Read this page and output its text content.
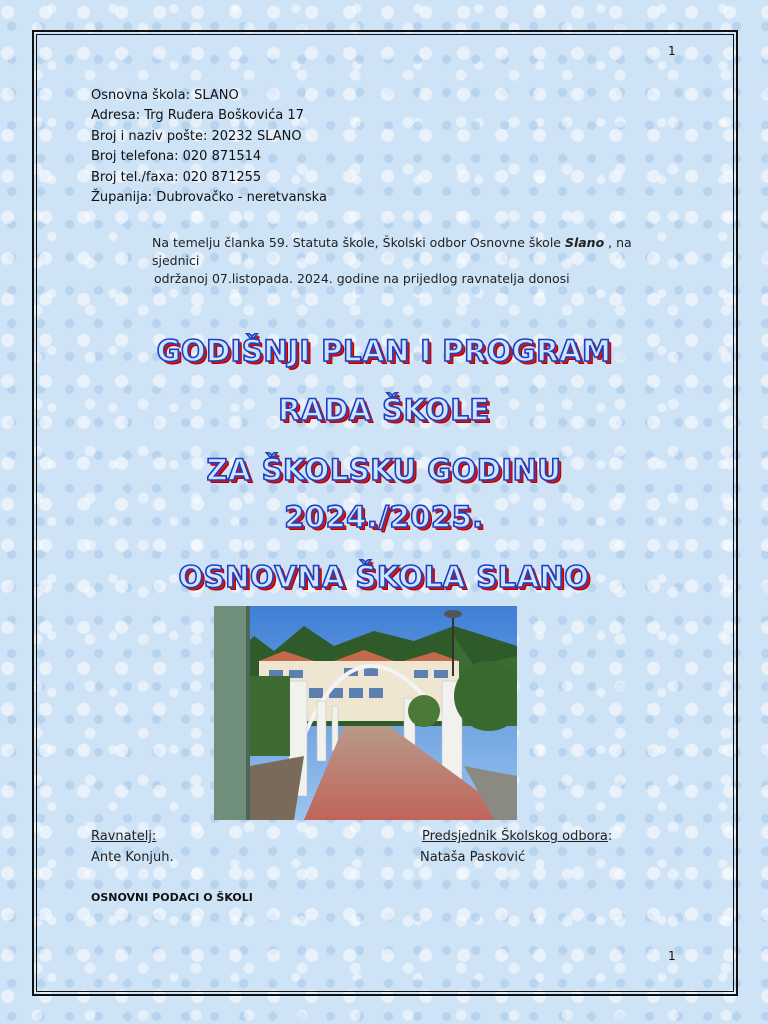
1
Osnovna škola: SLANO
Adresa: Trg Ruđera Boškovića 17
Broj i naziv pošte: 20232 SLANO
Broj telefona: 020 871514
Broj tel./faxa: 020 871255
Županija: Dubrovačko - neretvanska
Na temelju članka 59. Statuta škole, Školski odbor Osnovne škole Slano , na sjednici
održanoj 07.listopada. 2024. godine na prijedlog ravnatelja donosi
GODIŠNJI PLAN I PROGRAM
RADA ŠKOLE
ZA ŠKOLSKU GODINU
2024./2025.
OSNOVNA ŠKOLA SLANO
Ravnatelj:
Ante Konjuh.
Predsjednik Školskog odbora:
Nataša Pasković
OSNOVNI PODACI O ŠKOLI
1
